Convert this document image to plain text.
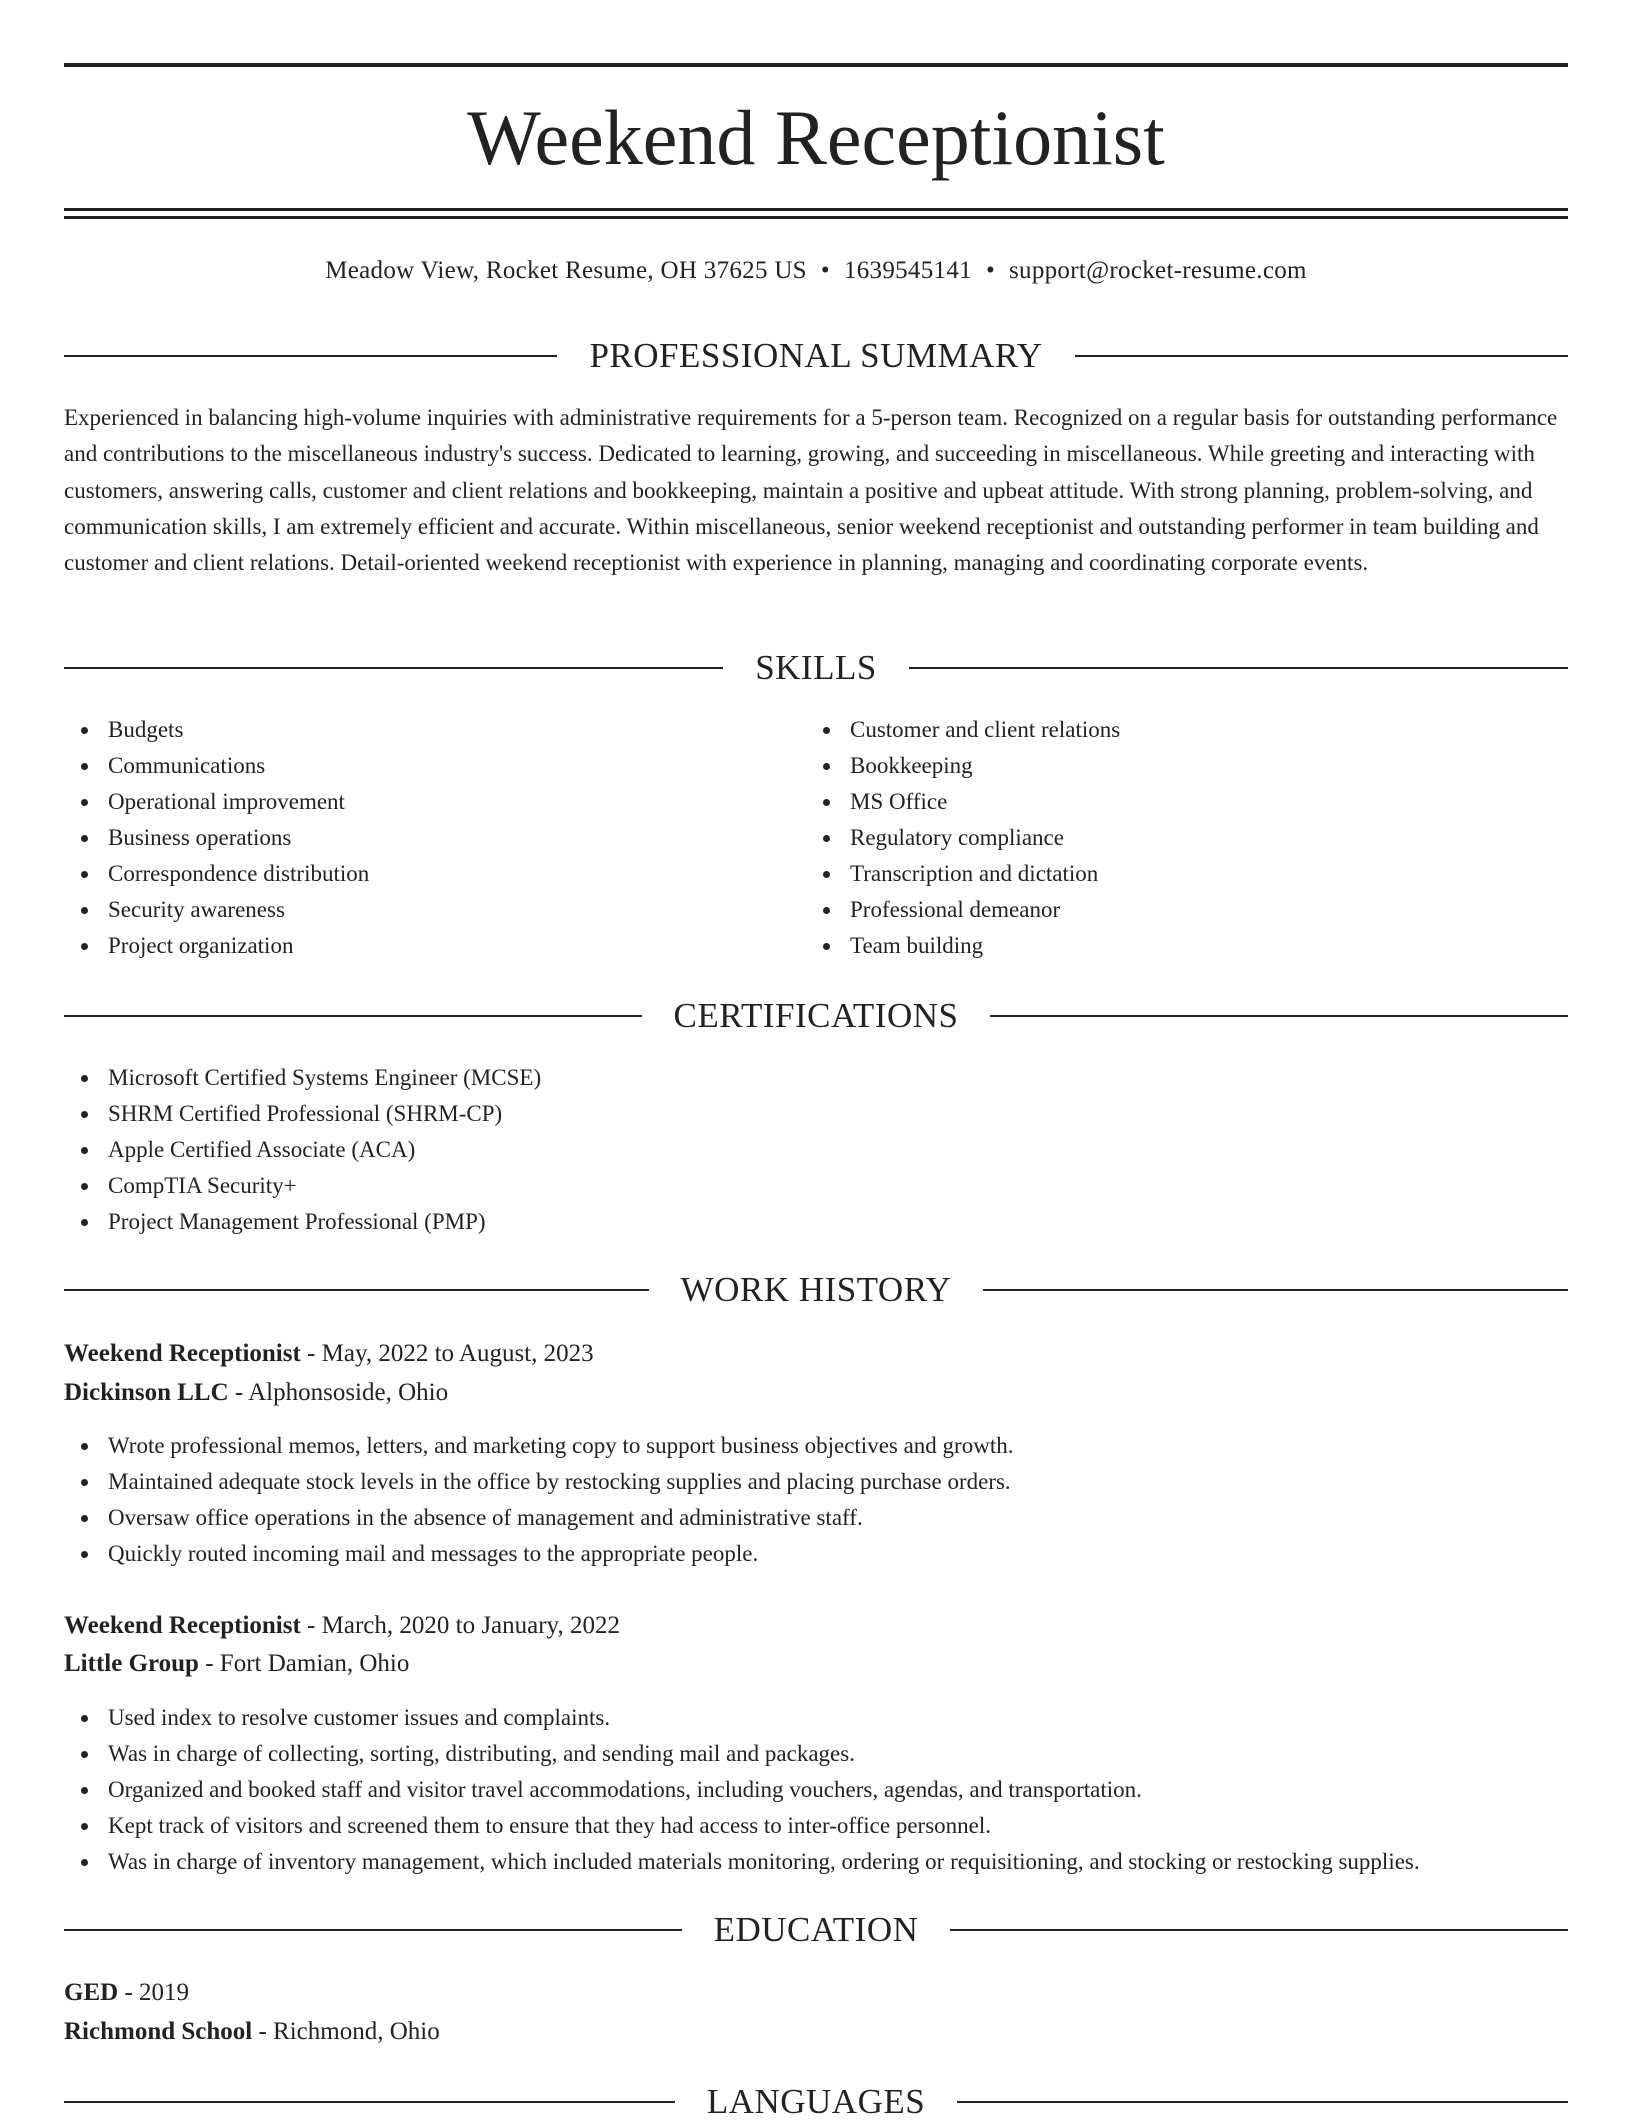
Weekend Receptionist
Meadow View, Rocket Resume, OH 37625 US • 1639545141 • support@rocket-resume.com
PROFESSIONAL SUMMARY

Experienced in balancing high-volume inquiries with administrative requirements for a 5-person team. Recognized on a regular basis for outstanding performance and contributions to the miscellaneous industry's success. Dedicated to learning, growing, and succeeding in miscellaneous. While greeting and interacting with customers, answering calls, customer and client relations and bookkeeping, maintain a positive and upbeat attitude. With strong planning, problem-solving, and communication skills, I am extremely efficient and accurate. Within miscellaneous, senior weekend receptionist and outstanding performer in team building and customer and client relations. Detail-oriented weekend receptionist with experience in planning, managing and coordinating corporate events.

SKILLS
Budgets
Communications
Operational improvement
Business operations
Correspondence distribution
Security awareness
Project organization
Customer and client relations
Bookkeeping
MS Office
Regulatory compliance
Transcription and dictation
Professional demeanor
Team building
CERTIFICATIONS
Microsoft Certified Systems Engineer (MCSE)
SHRM Certified Professional (SHRM-CP)
Apple Certified Associate (ACA)
CompTIA Security+
Project Management Professional (PMP)
WORK HISTORY
Weekend Receptionist - May, 2022 to August, 2023
Dickinson LLC - Alphonsoside, Ohio
Wrote professional memos, letters, and marketing copy to support business objectives and growth.
Maintained adequate stock levels in the office by restocking supplies and placing purchase orders.
Oversaw office operations in the absence of management and administrative staff.
Quickly routed incoming mail and messages to the appropriate people.
Weekend Receptionist - March, 2020 to January, 2022
Little Group - Fort Damian, Ohio
Used index to resolve customer issues and complaints.
Was in charge of collecting, sorting, distributing, and sending mail and packages.
Organized and booked staff and visitor travel accommodations, including vouchers, agendas, and transportation.
Kept track of visitors and screened them to ensure that they had access to inter-office personnel.
Was in charge of inventory management, which included materials monitoring, ordering or requisitioning, and stocking or restocking supplies.
EDUCATION
GED - 2019
Richmond School - Richmond, Ohio
LANGUAGES
